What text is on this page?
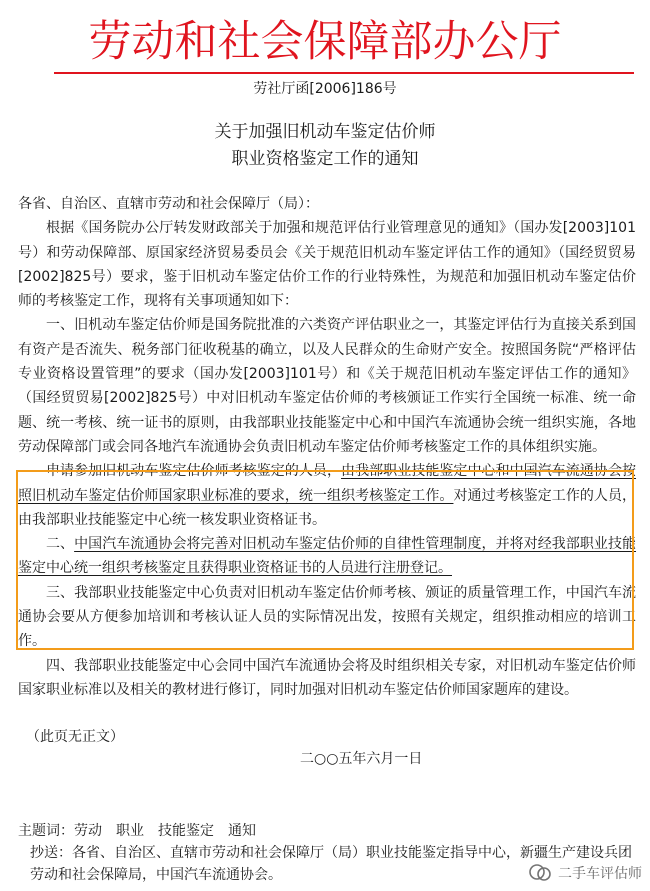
劳动和社会保障部办公厅
劳社厅函[2006]186号
关于加强旧机动车鉴定估价师
职业资格鉴定工作的通知

各省、自治区、直辖市劳动和社会保障厅（局）：

根据《国务院办公厅转发财政部关于加强和规范评估行业管理意见的通知》（国办发[2003]101号）和劳动保障部、原国家经济贸易委员会《关于规范旧机动车鉴定评估工作的通知》（国经贸贸易[2002]825号）要求，鉴于旧机动车鉴定估价工作的行业特殊性，为规范和加强旧机动车鉴定估价师的考核鉴定工作，现将有关事项通知如下：

一、旧机动车鉴定估价师是国务院批准的六类资产评估职业之一，其鉴定评估行为直接关系到国有资产是否流失、税务部门征收税基的确立，以及人民群众的生命财产安全。按照国务院“严格评估专业资格设置管理”的要求（国办发[2003]101号）和《关于规范旧机动车鉴定评估工作的通知》（国经贸贸易[2002]825号）中对旧机动车鉴定估价师的考核颁证工作实行全国统一标准、统一命题、统一考核、统一证书的原则，由我部职业技能鉴定中心和中国汽车流通协会统一组织实施，各地劳动保障部门或会同各地汽车流通协会负责旧机动车鉴定估价师考核鉴定工作的具体组织实施。

申请参加旧机动车鉴定估价师考核鉴定的人员，由我部职业技能鉴定中心和中国汽车流通协会按照旧机动车鉴定估价师国家职业标准的要求，统一组织考核鉴定工作。对通过考核鉴定工作的人员，由我部职业技能鉴定中心统一核发职业资格证书。

二、中国汽车流通协会将完善对旧机动车鉴定估价师的自律性管理制度，并将对经我部职业技能鉴定中心统一组织考核鉴定且获得职业资格证书的人员进行注册登记。

三、我部职业技能鉴定中心负责对旧机动车鉴定估价师考核、颁证的质量管理工作，中国汽车流通协会要从方便参加培训和考核认证人员的实际情况出发，按照有关规定，组织推动相应的培训工作。

四、我部职业技能鉴定中心会同中国汽车流通协会将及时组织相关专家，对旧机动车鉴定估价师国家职业标准以及相关的教材进行修订，同时加强对旧机动车鉴定估价师国家题库的建设。

（此页无正文）
二○○五年六月一日
主题词：劳动　职业　技能鉴定　通知
抄送：各省、自治区、直辖市劳动和社会保障厅（局）职业技能鉴定指导中心，新疆生产建设兵团劳动和社会保障局，中国汽车流通协会。	二手车评估师
